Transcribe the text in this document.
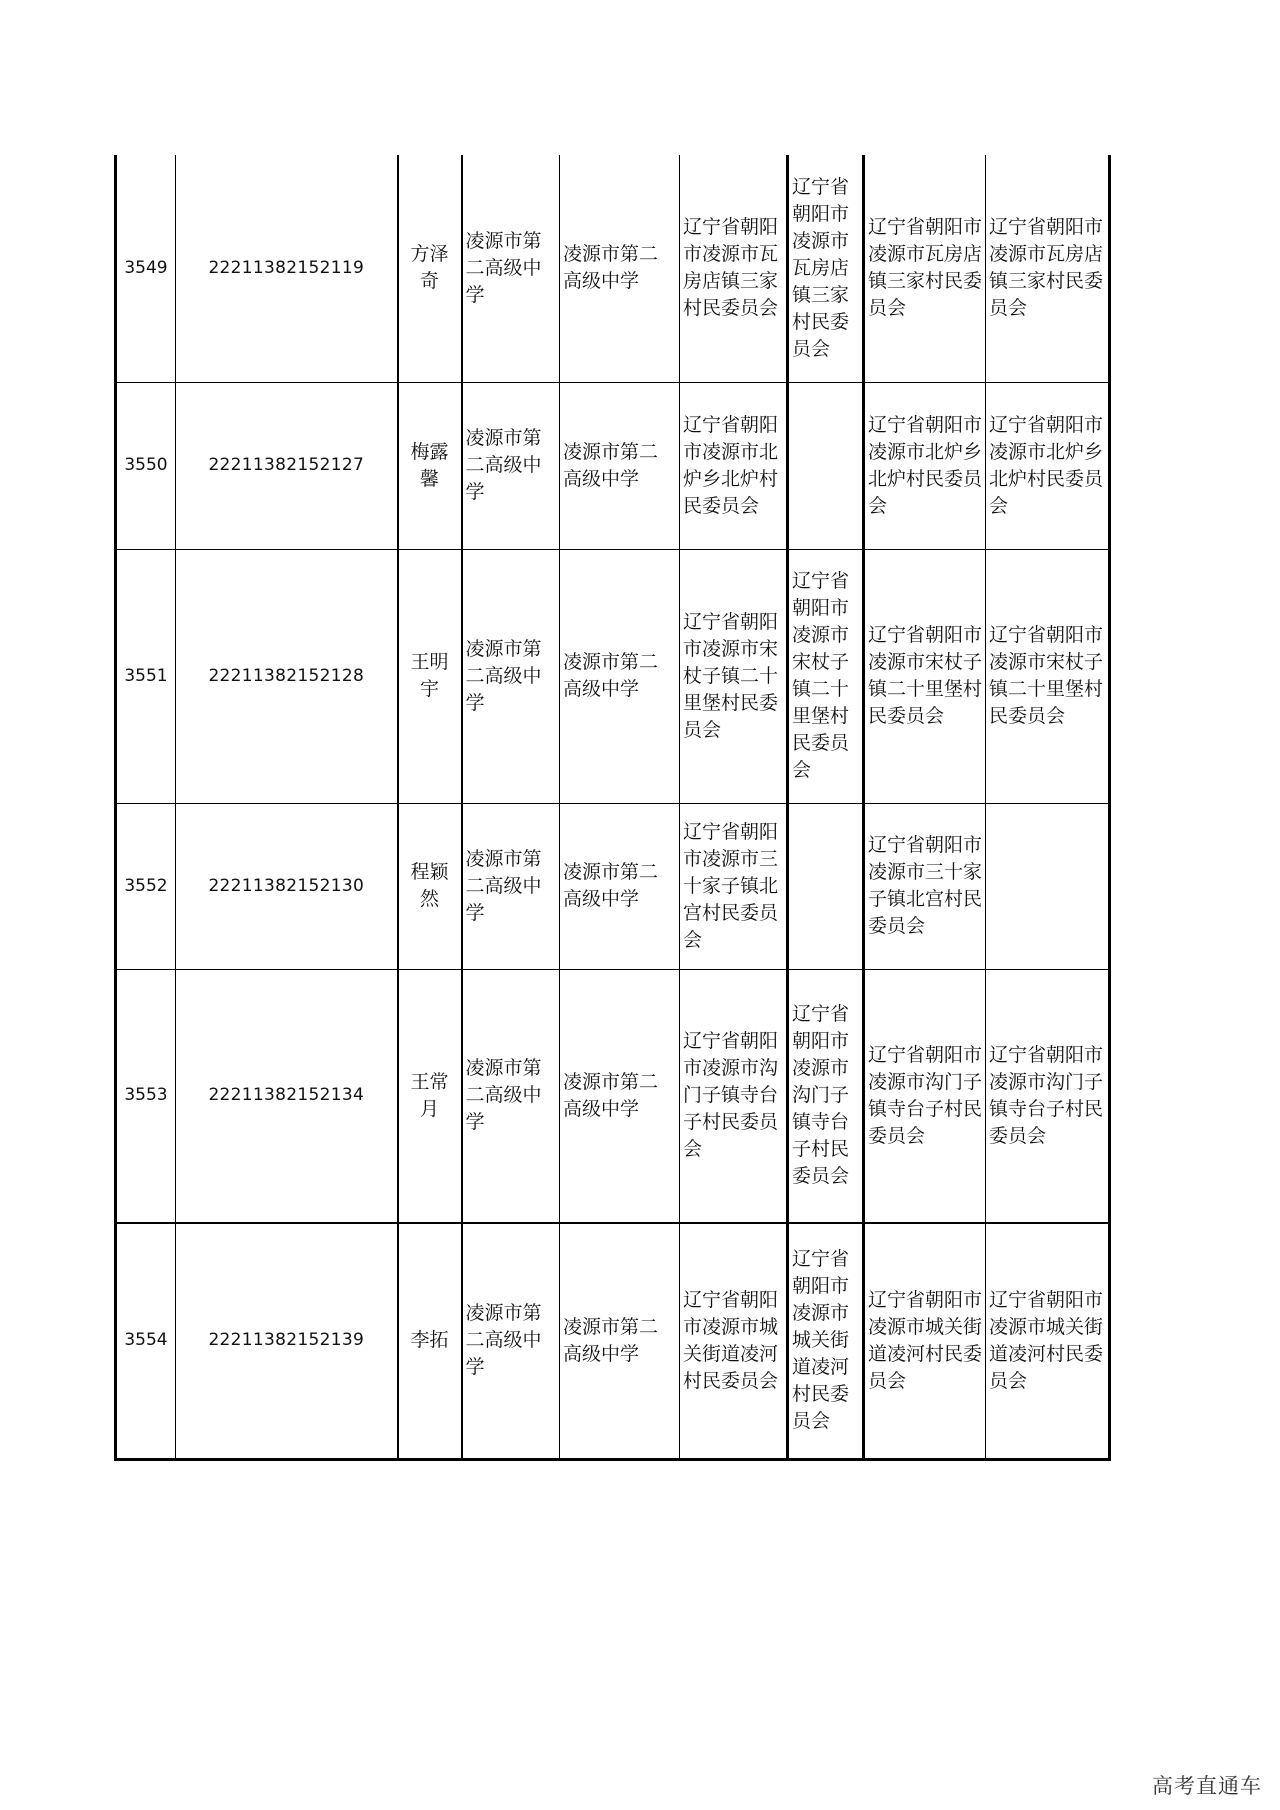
3549	22211382152119	方泽奇	凌源市第二高级中学	凌源市第二高级中学	辽宁省朝阳市凌源市瓦房店镇三家村民委员会	辽宁省朝阳市凌源市瓦房店镇三家村民委员会	辽宁省朝阳市凌源市瓦房店镇三家村民委员会	辽宁省朝阳市凌源市瓦房店镇三家村民委员会
3550	22211382152127	梅露馨	凌源市第二高级中学	凌源市第二高级中学	辽宁省朝阳市凌源市北炉乡北炉村民委员会		辽宁省朝阳市凌源市北炉乡北炉村民委员会	辽宁省朝阳市凌源市北炉乡北炉村民委员会
3551	22211382152128	王明宇	凌源市第二高级中学	凌源市第二高级中学	辽宁省朝阳市凌源市宋杖子镇二十里堡村民委员会	辽宁省朝阳市凌源市宋杖子镇二十里堡村民委员会	辽宁省朝阳市凌源市宋杖子镇二十里堡村民委员会	辽宁省朝阳市凌源市宋杖子镇二十里堡村民委员会
3552	22211382152130	程颖然	凌源市第二高级中学	凌源市第二高级中学	辽宁省朝阳市凌源市三十家子镇北宫村民委员会		辽宁省朝阳市凌源市三十家子镇北宫村民委员会	
3553	22211382152134	王常月	凌源市第二高级中学	凌源市第二高级中学	辽宁省朝阳市凌源市沟门子镇寺台子村民委员会	辽宁省朝阳市凌源市沟门子镇寺台子村民委员会	辽宁省朝阳市凌源市沟门子镇寺台子村民委员会	辽宁省朝阳市凌源市沟门子镇寺台子村民委员会
3554	22211382152139	李拓	凌源市第二高级中学	凌源市第二高级中学	辽宁省朝阳市凌源市城关街道凌河村民委员会	辽宁省朝阳市凌源市城关街道凌河村民委员会	辽宁省朝阳市凌源市城关街道凌河村民委员会	辽宁省朝阳市凌源市城关街道凌河村民委员会
高考直通车
